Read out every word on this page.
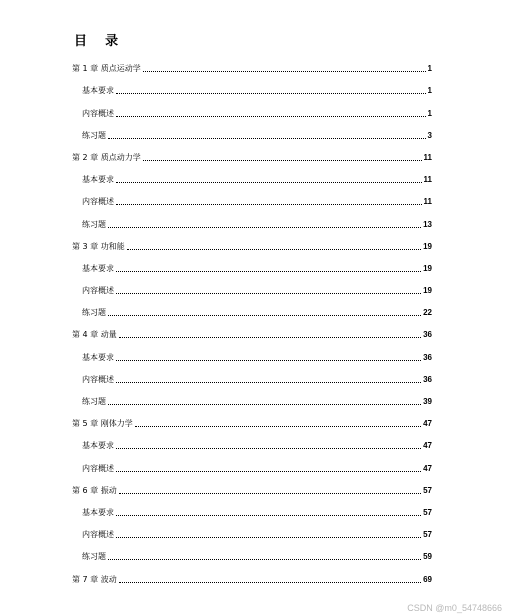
目    录
第 1 章 质点运动学	1
基本要求	1
内容概述	1
练习题	3
第 2 章 质点动力学	11
基本要求	11
内容概述	11
练习题	13
第 3 章 功和能	19
基本要求	19
内容概述	19
练习题	22
第 4 章 动量	36
基本要求	36
内容概述	36
练习题	39
第 5 章 刚体力学	47
基本要求	47
内容概述	47
第 6 章 振动	57
基本要求	57
内容概述	57
练习题	59
第 7 章 波动	69
CSDN @m0_54748666
